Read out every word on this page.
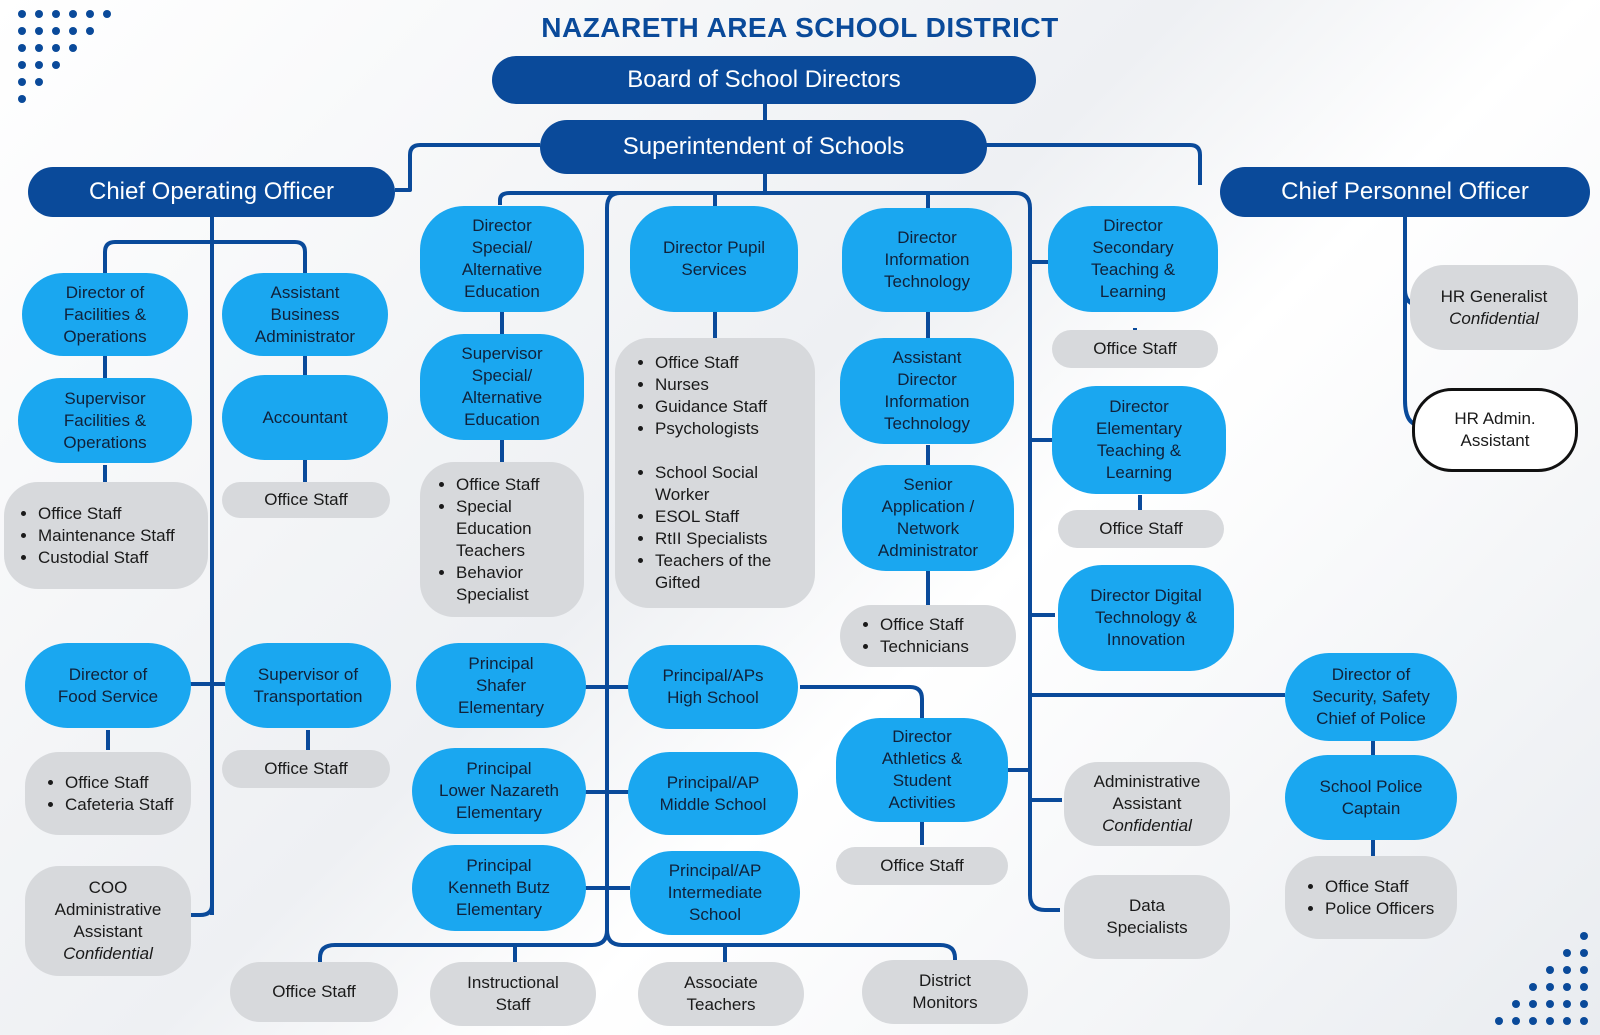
NAZARETH AREA SCHOOL DISTRICT
Board of School Directors
Superintendent of Schools
Chief Operating Officer	Chief Personnel Officer
Director of
Facilities &
Operations
Supervisor
Facilities &
Operations
• Office Staff
• Maintenance Staff
• Custodial Staff
Assistant
Business
Administrator
Accountant
Office Staff
Director of
Food Service
• Office Staff
• Cafeteria Staff
Supervisor of
Transportation
Office Staff
COO
Administrative
Assistant
Confidential
Director
Special/
Alternative
Education
Supervisor
Special/
Alternative
Education
• Office Staff
• Special Education Teachers
• Behavior Specialist
Director Pupil
Services

• Office Staff
• Nurses
• Guidance Staff
• Psychologists

• School Social Worker
• ESOL Staff
• RtII Specialists
• Teachers of the Gifted

Director
Information
Technology
Assistant
Director
Information
Technology
Senior
Application /
Network
Administrator
• Office Staff
• Technicians
Principal
Shafer
Elementary
Principal
Lower Nazareth
Elementary
Principal
Kenneth Butz
Elementary
Principal/APs
High School
Principal/AP
Middle School
Principal/AP
Intermediate
School
Director
Athletics &
Student
Activities
Office Staff
Office Staff	Instructional
Staff
Associate
Teachers
District
Monitors
Director
Secondary
Teaching &
Learning
Office Staff
Director
Elementary
Teaching &
Learning
Office Staff
Director Digital
Technology &
Innovation
Administrative
Assistant
Confidential
Data
Specialists
Director of
Security, Safety
Chief of Police
School Police
Captain
• Office Staff
• Police Officers
HR Generalist
Confidential
HR Admin.
Assistant
